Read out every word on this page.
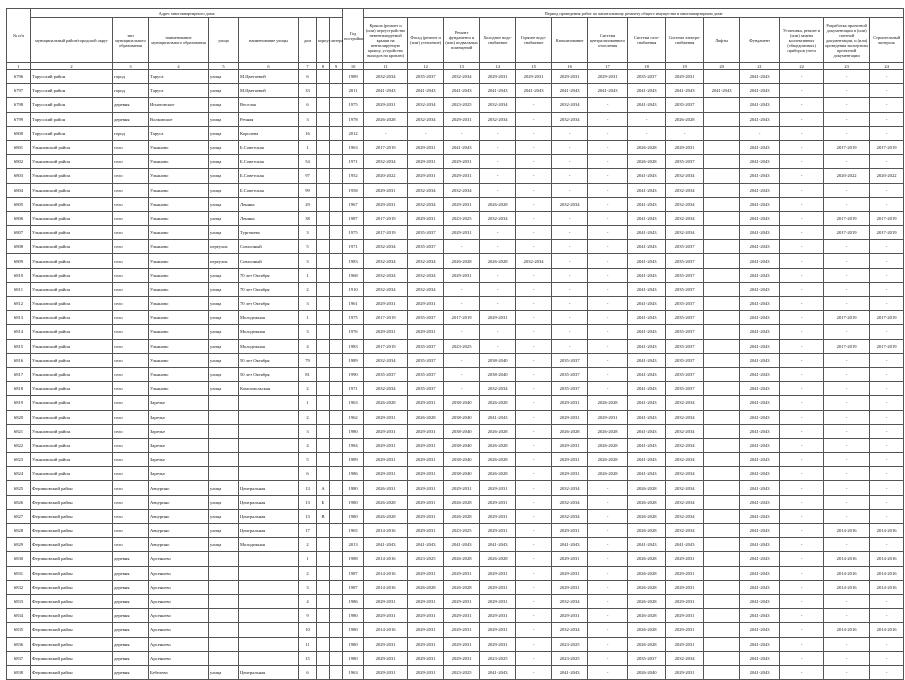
№ п/п	Адрес многоквартирного дома								Год постройки	Период проведения работ по капитальному ремонту общего имущества в многоквартирном доме													
	муниципальный район/городской округ	тип муниципального образования	наименование муниципального образования	улица	наименование улицы	дом	корпус	литера		Крыша (ремонт и (или) переустройство невентилируемой крыши на вентилируемую крышу, устройство выходов на кровлю)	Фасад (ремонт и (или) утепление)	Ремонт фундамента и (или) подвальных помещений	Холодное водо-снабжение	Горячее водо-снабжение	Канализование	Система централизованного отопления	Система газо-снабжения	Система электро-снабжения	Лифты	Фундамент	Установка, ремонт и (или) замена коллективных (общедомовых) приборов учета	Разработка проектной документации в (или) сметной документации, и (или) проведения экспертизы проектной документации	Строительный контроль
1	2	3	4	5	6	7	8	9	10	11	12	13	14	15	16	17	18	19	20	21	22	23	24
6796	Тарусский район	город	Таруса	улица	М.Цветаевой	6			1989	2032-2034	2035-2037	2032-2034	2029-2031	2029-2031	2029-2031	2029-2031	2035-2037	2029-2031		2041-2043	-	-	-
6797	Тарусский район	город	Таруса	улица	М.Цветаевой	33			2011	2041-2043	2041-2043	2041-2043	2041-2043	2041-2043	2041-2043	2041-2043	2041-2043	2041-2043	2041-2043	2041-2043	-	-	-
6798	Тарусский район	деревня	Игнатовское	улица	Веселая	6			1975	2029-2031	2032-2034	2023-2025	2032-2034	-	2032-2034	-	2041-2043	2035-2037		2041-2043	-	-	-
6799	Тарусский район	деревня	Волковское	улица	Речная	3			1978	2026-2028	2032-2034	2029-2031	2032-2034	-	2032-2034	-	-	2026-2028		2041-2043	-	-	-
6800	Тарусский район	город	Таруса	улица	Королева	16			2012	-	-	-	-	-	-	-	-	-		-	-	-	-
6801	Ульяновский район	село	Ульяново	улица	Б.Советская	1			1963	2017-2019	2029-2031	2041-2043	-	-	-	-	2026-2028	2029-2031		2041-2043	-	2017-2019	2017-2019
6802	Ульяновский район	село	Ульяново	улица	Б.Советская	54			1971	2032-2034	2029-2031	2029-2031	-	-	-	-	2026-2028	2035-2037		2041-2043	-	-	-
6803	Ульяновский район	село	Ульяново	улица	Б.Советская	97			1952	2020-2022	2029-2031	2029-2031	-	-	-	-	2041-2043	2032-2034		2041-2043	-	2020-2022	2020-2022
6804	Ульяновский район	село	Ульяново	улица	Б.Советская	99			1958	2029-2031	2032-2034	2032-2034	-	-	-	-	2041-2043	2032-2034		2041-2043	-	-	-
6805	Ульяновский район	село	Ульяново	улица	Ленина	29			1967	2029-2031	2032-2034	2029-2031	2026-2028	-	2032-2034	-	2041-2043	2032-2034		2041-2043	-	-	-
6806	Ульяновский район	село	Ульяново	улица	Ленина	38			1987	2017-2019	2029-2031	2023-2025	2032-2034	-	-	-	2041-2043	2032-2034		2041-2043	-	2017-2019	2017-2019
6807	Ульяновский район	село	Ульяново	улица	Тургенева	3			1975	2017-2019	2035-2037	2029-2031	-	-	-	-	2041-2043	2032-2034		2041-2043	-	2017-2019	2017-2019
6808	Ульяновский район	село	Ульяново	переулок	Совхозный	5			1971	2032-2034	2035-2037	-	-	-	-	-	2041-2043	2035-2037		2041-2043	-	-	-
6809	Ульяновский район	село	Ульяново	переулок	Совхозный	3			1983	2032-2034	2032-2034	2026-2028	2026-2028	2032-2034	-	-	2041-2043	2035-2037		2041-2043	-	-	-
6810	Ульяновский район	село	Ульяново	улица	70 лет Октября	1			1968	2032-2034	2032-2034	2029-2031	-	-	-	-	2041-2043	2035-2037		2041-2043	-	-	-
6811	Ульяновский район	село	Ульяново	улица	70 лет Октября	2			1910	2032-2034	2032-2034	-	-	-	-	-	2041-2043	2035-2037		2041-2043	-	-	-
6812	Ульяновский район	село	Ульяново	улица	70 лет Октября	3			1961	2029-2031	2029-2031	-	-	-	-	-	2041-2043	2035-2037		2041-2043	-	-	-
6813	Ульяновский район	село	Ульяново	улица	Молодежная	1			1975	2017-2019	2035-2037	2017-2019	2029-2031	-	-	-	2041-2043	2035-2037		2041-2043	-	2017-2019	2017-2019
6814	Ульяновский район	село	Ульяново	улица	Молодежная	3			1976	2029-2031	2029-2031	-	-	-	-	-	2041-2043	2035-2037		2041-2043	-	-	-
6815	Ульяновский район	село	Ульяново	улица	Молодежная	4			1983	2017-2019	2035-2037	2023-2025	-	-	-	-	2041-2043	2035-2037		2041-2043	-	2017-2019	2017-2019
6816	Ульяновский район	село	Ульяново	улица	50 лет Октября	79			1989	2032-2034	2035-2037	-	2038-2040	-	2035-2037	-	2041-2043	2035-2037		2041-2043	-	-	-
6817	Ульяновский район	село	Ульяново	улица	50 лет Октября	81			1990	2035-2037	2035-2037	-	2038-2040	-	2035-2037	-	2041-2043	2035-2037		2041-2043	-	-	-
6818	Ульяновский район	село	Ульяново	улица	Комсомольская	2			1971	2032-2034	2035-2037	-	2032-2034	-	2035-2037	-	2041-2043	2035-2037		2041-2043	-	-	-
6819	Ульяновский район	село	Заречье			1			1963	2026-2028	2029-2031	2038-2040	2026-2028	-	2029-2031	2026-2028	2041-2043	2032-2034		2041-2043	-	-	-
6820	Ульяновский район	село	Заречье			2			1962	2029-2031	2026-2028	2038-2040	2041-2043	-	2029-2031	2029-2031	2041-2043	2032-2034		2041-2043	-	-	-
6821	Ульяновский район	село	Заречье			3			1980	2029-2031	2029-2031	2038-2040	2026-2028	-	2026-2028	2026-2028	2041-2043	2032-2034		2041-2043	-	-	-
6822	Ульяновский район	село	Заречье			4			1984	2029-2031	2029-2031	2038-2040	2026-2028	-	2029-2031	2026-2028	2041-2043	2032-2034		2041-2043	-	-	-
6823	Ульяновский район	село	Заречье			5			1989	2029-2031	2029-2031	2038-2040	2026-2028	-	2029-2031	2026-2028	2041-2043	2032-2034		2041-2043	-	-	-
6824	Ульяновский район	село	Заречье			6			1986	2029-2031	2029-2031	2038-2040	2026-2028	-	2029-2031	2026-2028	2041-2043	2032-2034		2041-2043	-	-	-
6825	Ферзиковский район	село	Авчурино	улица	Центральная	13	А		1980	2026-2031	2029-2031	2029-2031	2029-2031	-	2032-2034	-	2026-2028	2032-2034		2041-2043	-	-	-
6826	Ферзиковский район	село	Авчурино	улица	Центральная	13	Б		1980	2026-2028	2029-2031	2026-2028	2029-2031	-	2032-2034	-	2026-2028	2032-2034		2041-2043	-	-	-
6827	Ферзиковский район	село	Авчурино	улица	Центральная	13	В		1980	2026-2028	2029-2031	2026-2028	2029-2031	-	2032-2034	-	2026-2028	2032-2034		2041-2043	-	-	-
6828	Ферзиковский район	село	Авчурино	улица	Центральная	17			1965	2014-2016	2029-2031	2023-2025	2029-2031	-	2029-2031	-	2026-2028	2032-2034		2041-2043	-	2014-2016	2014-2016
6829	Ферзиковский район	село	Авчурино	улица	Молодежная	2			2013	2041-2043	2041-2043	2041-2043	2041-2043	-	2041-2043	-	2041-2043	2041-2043		2041-2043	-	-	-
6830	Ферзиковский район	деревня	Арсеньево			1			1988	2014-2016	2023-2025	2026-2028	2026-2028	-	2029-2031	-	2026-2028	2029-2031		2041-2043	-	2014-2016	2014-2016
6831	Ферзиковский район	деревня	Арсеньево			2			1987	2014-2016	2029-2031	2029-2031	2029-2031	-	2029-2031	-	2026-2028	2029-2031		2041-2043	-	2014-2016	2014-2016
6832	Ферзиковский район	деревня	Арсеньево			3			1987	2014-2016	2026-2028	2026-2028	2029-2031	-	2029-2031	-	2026-2028	2029-2031		2041-2043	-	2014-2016	2014-2016
6833	Ферзиковский район	деревня	Арсеньево			4			1986	2029-2031	2029-2031	2029-2031	2029-2031	-	2032-2034	-	2026-2028	2029-2031		2041-2043	-	-	-
6834	Ферзиковский район	деревня	Арсеньево			9			1980	2029-2031	2029-2031	2029-2031	2029-2031	-	2029-2031	-	2026-2028	2029-2031		2041-2043	-	-	-
6835	Ферзиковский район	деревня	Арсеньево			10			1980	2014-2016	2029-2031	2029-2031	2029-2031	-	2032-2034	-	2026-2028	2029-2031		2041-2043	-	2014-2016	2014-2016
6836	Ферзиковский район	деревня	Арсеньево			11			1980	2029-2031	2029-2031	2029-2031	2029-2031	-	2023-2025	-	2026-2028	2029-2031		2041-2043	-	-	-
6837	Ферзиковский район	деревня	Арсеньево			15			1980	2029-2031	2029-2031	2029-2031	2023-2025	-	2023-2025	-	2035-2037	2032-2034		2041-2043	-	-	-
6838	Ферзиковский район	деревня	Бебелево	улица	Центральная	6			1963	2029-2031	2029-2031	2023-2025	2041-2043	-	2041-2043	-	2026-2040	2029-2031		2041-2043	-	-	-
